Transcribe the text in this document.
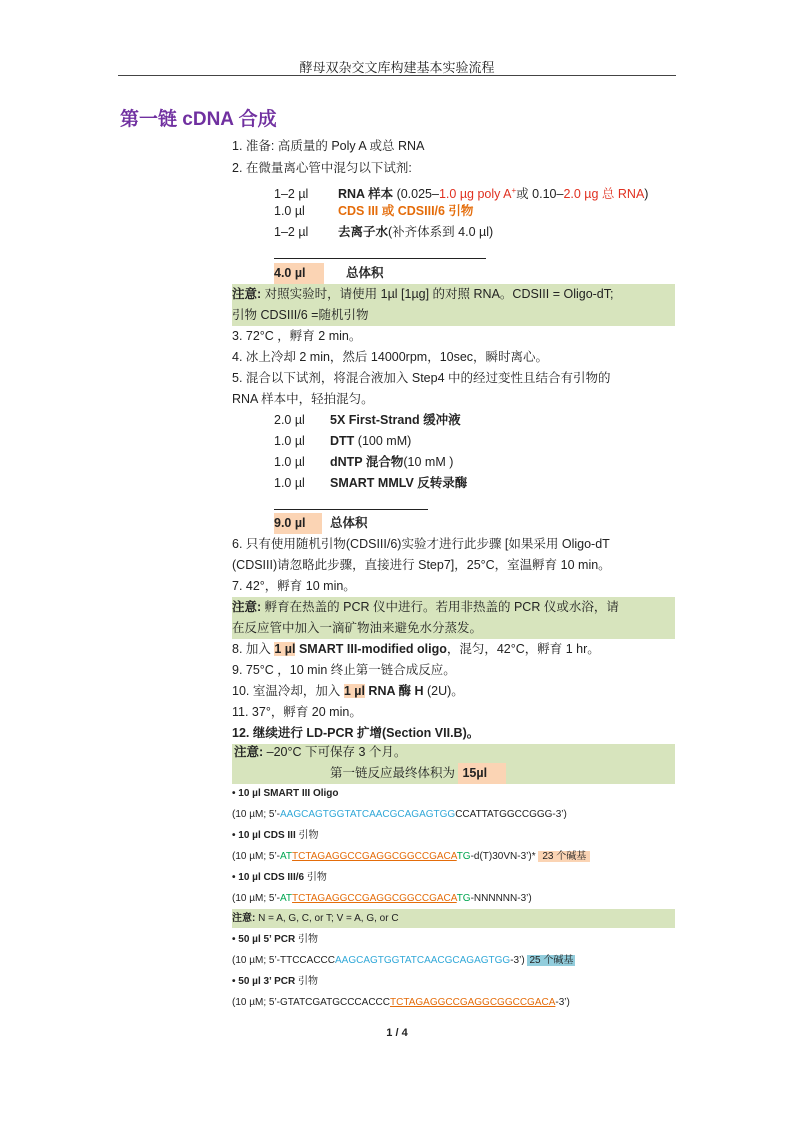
酵母双杂交文库构建基本实验流程
第一链 cDNA 合成
1. 准备: 高质量的 Poly A 或总 RNA
2. 在微量离心管中混匀以下试剂:
1–2 µl RNA 样本 (0.025–1.0 µg poly A+或 0.10–2.0 µg 总 RNA)
1.0 µl	CDS III 或 CDSIII/6 引物
1–2 µl 去离子水(补齐体系到 4.0 µl)
4.0 µl	总体积
注意: 对照实验时，请使用 1µl [1µg] 的对照 RNA。CDSIII = Oligo-dT;
引物 CDSIII/6 =随机引物
3. 72°C ，孵育 2 min。
4. 冰上冷却 2 min，然后 14000rpm，10sec，瞬时离心。
5. 混合以下试剂，将混合液加入 Step4 中的经过变性且结合有引物的
RNA 样本中，轻拍混匀。
2.0 µl 5X First-Strand 缓冲液
1.0 µl DTT (100 mM)
1.0 µl dNTP 混合物(10 mM )
1.0 µl SMART MMLV 反转录酶
9.0 µl 总体积
6. 只有使用随机引物(CDSIII/6)实验才进行此步骤 [如果采用 Oligo-dT
(CDSIII)请忽略此步骤，直接进行 Step7]，25°C，室温孵育 10 min。
7. 42°，孵育 10 min。
注意: 孵育在热盖的 PCR 仪中进行。若用非热盖的 PCR 仪或水浴，请
在反应管中加入一滴矿物油来避免水分蒸发。
8. 加入 1 µl SMART III-modified oligo，混匀，42°C，孵育 1 hr。
9. 75°C ，10 min 终止第一链合成反应。
10. 室温冷却，加入 1 µl RNA 酶 H (2U)。
11. 37°，孵育 20 min。
12. 继续进行 LD-PCR 扩增(Section VII.B)。
注意: –20°C 下可保存 3 个月。
第一链反应最终体积为 15µl
• 10 µl SMART III Oligo
(10 µM; 5’-AAGCAGTGGTATCAACGCAGAGTGGCCATTATGGCCGGG-3’)
• 10 µl CDS III 引物
(10 µM; 5’-ATTCTAGAGGCCGAGGCGGCCGACATG-d(T)30VN-3’)* 23 个碱基
• 10 µl CDS III/6 引物
(10 µM; 5’-ATTCTAGAGGCCGAGGCGGCCGACATG-NNNNNN-3’)
注意: N = A, G, C, or T; V = A, G, or C
• 50 µl 5’ PCR 引物
(10 µM; 5’-TTCCACCCAAGCAGTGGTATCAACGCAGAGTGG-3’) 25 个碱基
• 50 µl 3’ PCR 引物
(10 µM; 5’-GTATCGATGCCCACCCTCTAGAGGCCGAGGCGGCCGACA-3’)
1 / 4
